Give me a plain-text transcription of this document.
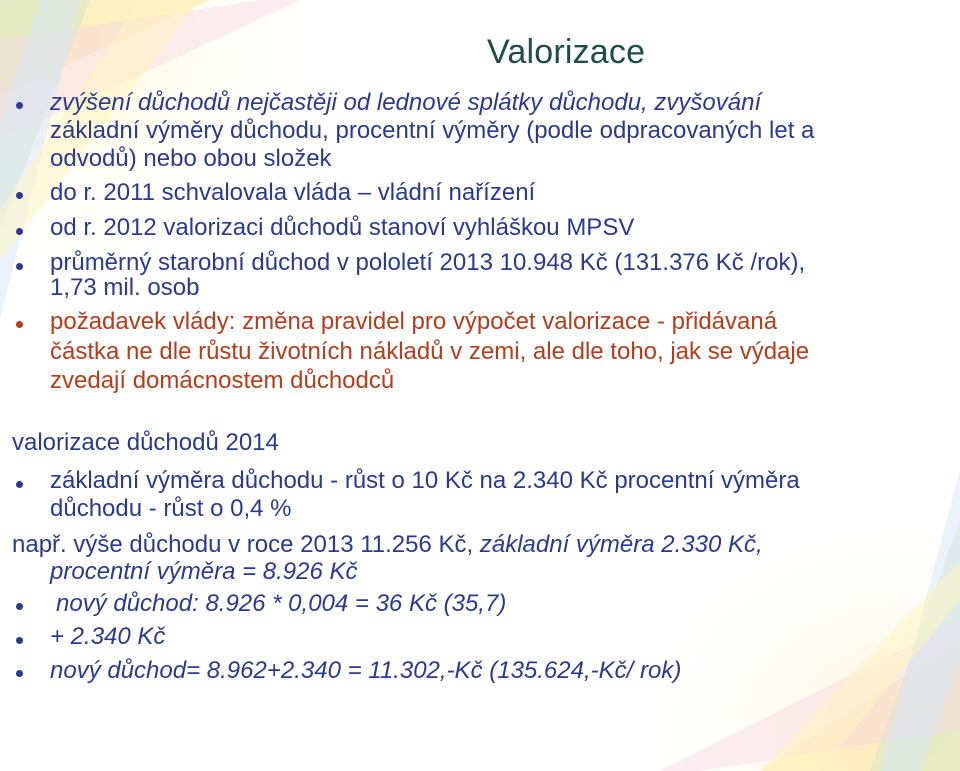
Valorizace
zvýšení důchodů nejčastěji od lednové splátky důchodu, zvyšování
základní výměry důchodu, procentní výměry (podle odpracovaných let a
odvodů) nebo obou složek
do r. 2011 schvalovala vláda – vládní nařízení
od r. 2012 valorizaci důchodů stanoví vyhláškou MPSV
průměrný starobní důchod v pololetí 2013 10.948 Kč (131.376 Kč /rok),
1,73 mil. osob
požadavek vlády: změna pravidel pro výpočet valorizace - přidávaná
částka ne dle růstu životních nákladů v zemi, ale dle toho, jak se výdaje
zvedají domácnostem důchodců
valorizace důchodů 2014
základní výměra důchodu - růst o 10 Kč na 2.340 Kč procentní výměra
důchodu - růst o 0,4 %
např. výše důchodu v roce 2013 11.256 Kč, základní výměra 2.330 Kč,
procentní výměra = 8.926 Kč
nový důchod: 8.926 * 0,004 = 36 Kč (35,7)
+ 2.340 Kč
nový důchod= 8.962+2.340 = 11.302,-Kč (135.624,-Kč/ rok)
